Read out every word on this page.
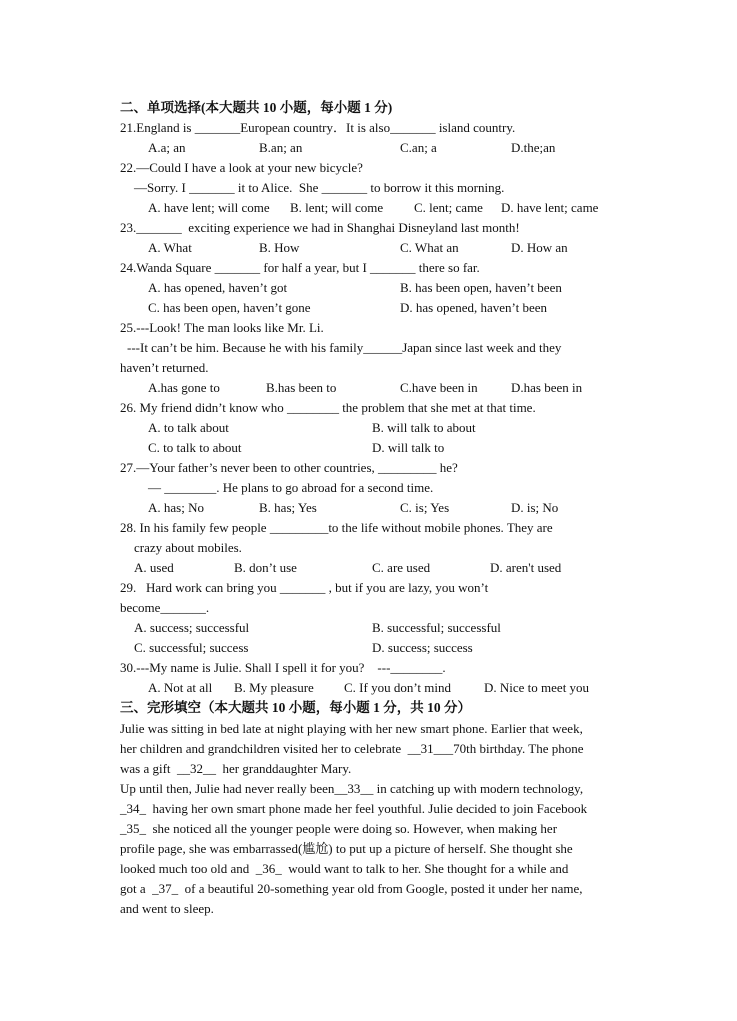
二、单项选择(本大题共 10 小题，每小题 1 分)
21.England is _______European country．It is also_______ island country.
A.a; an	B.an; an	C.an; a	D.the;an
22.—Could I have a look at your new bicycle?
—Sorry. I _______ it to Alice.  She _______ to borrow it this morning.
A. have lent; will come B. lent; will come C. lent; came D. have lent; came
23._______  exciting experience we had in Shanghai Disneyland last month!
A. What	B. How	C. What an	D. How an
24.Wanda Square _______ for half a year, but I _______ there so far.
A. has opened, haven’t got	B. has been open, haven’t been
C. has been open, haven’t gone	D. has opened, haven’t been
25.---Look! The man looks like Mr. Li.
---It can’t be him. Because he with his family______Japan since last week and they
haven’t returned.
A.has gone to	B.has been to	C.have been in	D.has been in
26. My friend didn’t know who ________ the problem that she met at that time.
A. to talk about	B. will talk to about
C. to talk to about	D. will talk to
27.—Your father’s never been to other countries, _________ he?
— ________. He plans to go abroad for a second time.
A. has; No	B. has; Yes	C. is; Yes	D. is; No
28. In his family few people _________to the life without mobile phones. They are
crazy about mobiles.
A. used	B. don’t use	C. are used	D. aren't used
29.   Hard work can bring you _______ , but if you are lazy, you won’t
become_______.
A. success; successful	B. successful; successful
C. successful; success	D. success; success
30.---My name is Julie. Shall I spell it for you?    ---________.
A. Not at all B. My pleasure C. If you don’t mind	D. Nice to meet you
三、完形填空（本大题共 10 小题，每小题 1 分，共 10 分）
Julie was sitting in bed late at night playing with her new smart phone. Earlier that week,
her children and grandchildren visited her to celebrate  __31___70th birthday. The phone
was a gift  __32__  her granddaughter Mary.
Up until then, Julie had never really been__33__ in catching up with modern technology,
_34_  having her own smart phone made her feel youthful. Julie decided to join Facebook
_35_  she noticed all the younger people were doing so. However, when making her
profile page, she was embarrassed(尴尬) to put up a picture of herself. She thought she
looked much too old and  _36_  would want to talk to her. She thought for a while and
got a  _37_  of a beautiful 20-something year old from Google, posted it under her name,
and went to sleep.
